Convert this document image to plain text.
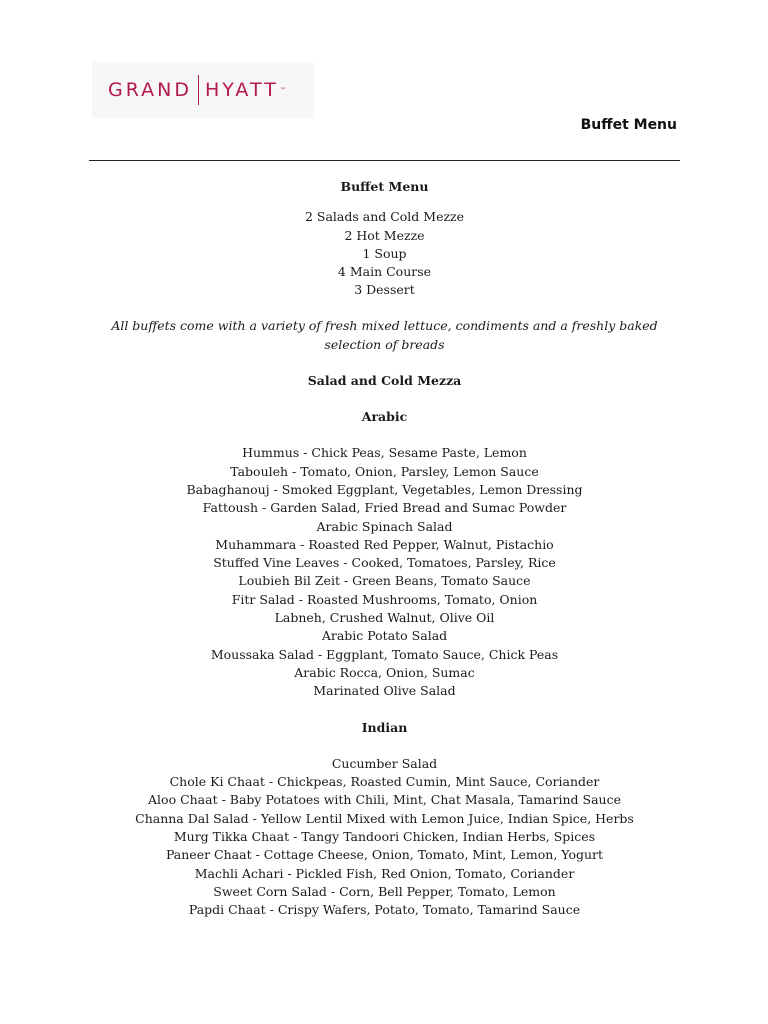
GRAND HYATT ™
Buffet Menu

Buffet Menu

2 Salads and Cold Mezze
2 Hot Mezze
1 Soup
4 Main Course
3 Dessert

All buffets come with a variety of fresh mixed lettuce, condiments and a freshly baked selection of breads

Salad and Cold Mezza

Arabic

Hummus - Chick Peas, Sesame Paste, Lemon
Tabouleh - Tomato, Onion, Parsley, Lemon Sauce
Babaghanouj - Smoked Eggplant, Vegetables, Lemon Dressing
Fattoush - Garden Salad, Fried Bread and Sumac Powder
Arabic Spinach Salad
Muhammara - Roasted Red Pepper, Walnut, Pistachio
Stuffed Vine Leaves - Cooked, Tomatoes, Parsley, Rice
Loubieh Bil Zeit - Green Beans, Tomato Sauce
Fitr Salad - Roasted Mushrooms, Tomato, Onion
Labneh, Crushed Walnut, Olive Oil
Arabic Potato Salad
Moussaka Salad - Eggplant, Tomato Sauce, Chick Peas
Arabic Rocca, Onion, Sumac
Marinated Olive Salad

Indian

Cucumber Salad
Chole Ki Chaat - Chickpeas, Roasted Cumin, Mint Sauce, Coriander
Aloo Chaat - Baby Potatoes with Chili, Mint, Chat Masala, Tamarind Sauce
Channa Dal Salad - Yellow Lentil Mixed with Lemon Juice, Indian Spice, Herbs
Murg Tikka Chaat - Tangy Tandoori Chicken, Indian Herbs, Spices
Paneer Chaat - Cottage Cheese, Onion, Tomato, Mint, Lemon, Yogurt
Machli Achari - Pickled Fish, Red Onion, Tomato, Coriander
Sweet Corn Salad - Corn, Bell Pepper, Tomato, Lemon
Papdi Chaat - Crispy Wafers, Potato, Tomato, Tamarind Sauce
